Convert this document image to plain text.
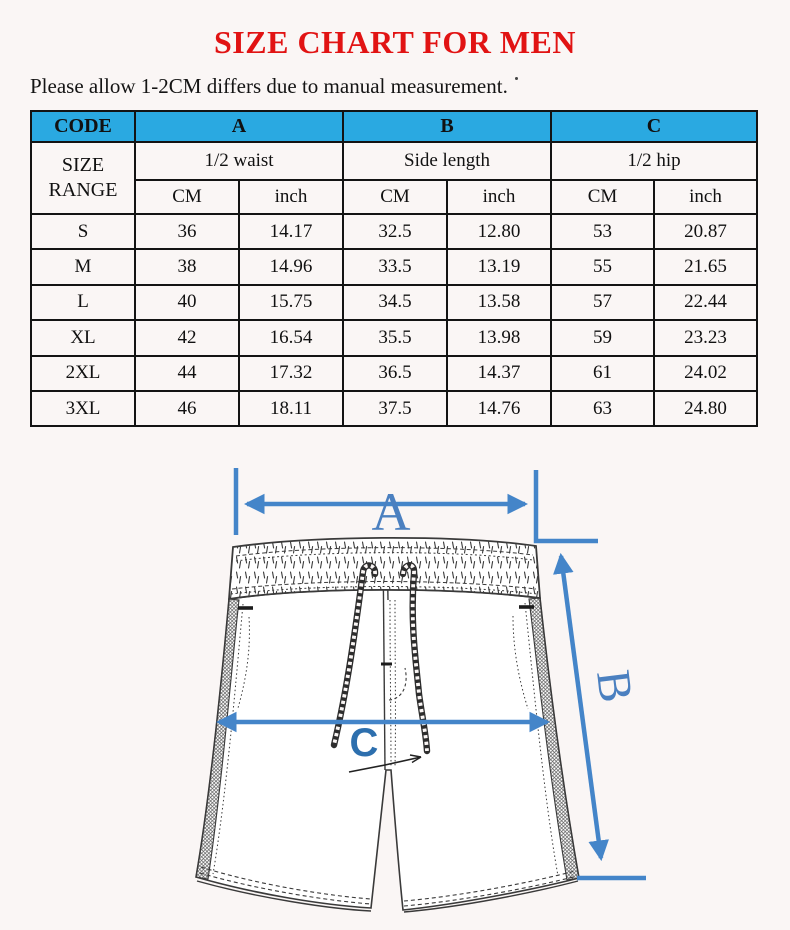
SIZE CHART FOR MEN
Please allow 1-2CM differs due to manual measurement.
CODE	A		B		C	
SIZE RANGE	1/2 waist		Side length		1/2 hip	
	CM	inch	CM	inch	CM	inch
S	36	14.17	32.5	12.80	53	20.87
M	38	14.96	33.5	13.19	55	21.65
L	40	15.75	34.5	13.58	57	22.44
XL	42	16.54	35.5	13.98	59	23.23
2XL	44	17.32	36.5	14.37	61	24.02
3XL	46	18.11	37.5	14.76	63	24.80
A
B
C
